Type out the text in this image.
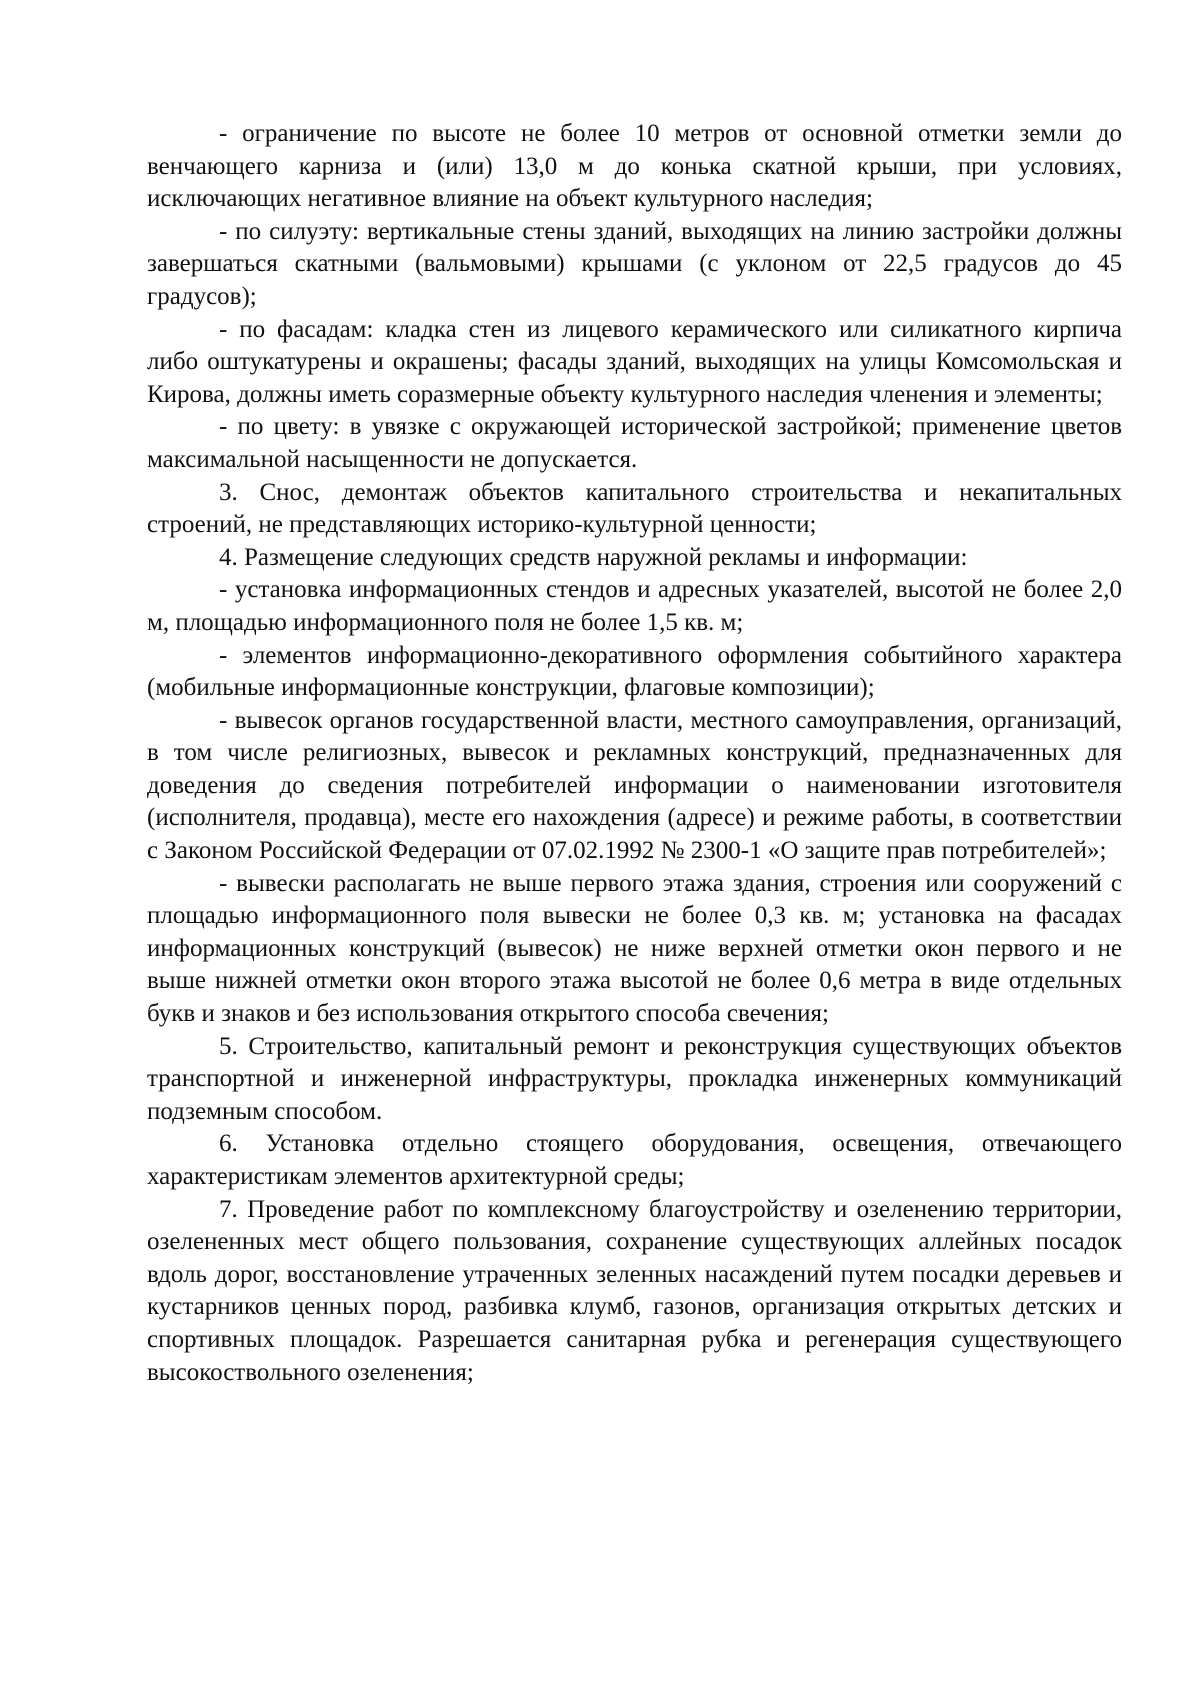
- ограничение по высоте не более 10 метров от основной отметки земли до венчающего карниза и (или) 13,0 м до конька скатной крыши, при условиях, исключающих негативное влияние на объект культурного наследия;

- по силуэту: вертикальные стены зданий, выходящих на линию застройки должны завершаться скатными (вальмовыми) крышами (с уклоном от 22,5 градусов до 45 градусов);

- по фасадам: кладка стен из лицевого керамического или силикатного кирпича либо оштукатурены и окрашены; фасады зданий, выходящих на улицы Комсомольская и Кирова, должны иметь соразмерные объекту культурного наследия членения и элементы;

- по цвету: в увязке с окружающей исторической застройкой; применение цветов максимальной насыщенности не допускается.

3. Снос, демонтаж объектов капитального строительства и некапитальных строений, не представляющих историко-культурной ценности;

4. Размещение следующих средств наружной рекламы и информации:

- установка информационных стендов и адресных указателей, высотой не более 2,0 м, площадью информационного поля не более 1,5 кв. м;

- элементов информационно-декоративного оформления событийного характера (мобильные информационные конструкции, флаговые композиции);

- вывесок органов государственной власти, местного самоуправления, организаций, в том числе религиозных, вывесок и рекламных конструкций, предназначенных для доведения до сведения потребителей информации о наименовании изготовителя (исполнителя, продавца), месте его нахождения (адресе) и режиме работы, в соответствии с Законом Российской Федерации от 07.02.1992 № 2300-1 «О защите прав потребителей»;

- вывески располагать не выше первого этажа здания, строения или сооружений с площадью информационного поля вывески не более 0,3 кв. м; установка на фасадах информационных конструкций (вывесок) не ниже верхней отметки окон первого и не выше нижней отметки окон второго этажа высотой не более 0,6 метра в виде отдельных букв и знаков и без использования открытого способа свечения;

5. Строительство, капитальный ремонт и реконструкция существующих объектов транспортной и инженерной инфраструктуры, прокладка инженерных коммуникаций подземным способом.

6. Установка отдельно стоящего оборудования, освещения, отвечающего характеристикам элементов архитектурной среды;

7. Проведение работ по комплексному благоустройству и озеленению территории, озелененных мест общего пользования, сохранение существующих аллейных посадок вдоль дорог, восстановление утраченных зеленных насаждений путем посадки деревьев и кустарников ценных пород, разбивка клумб, газонов, организация открытых детских и спортивных площадок. Разрешается санитарная рубка и регенерация существующего высокоствольного озеленения;
